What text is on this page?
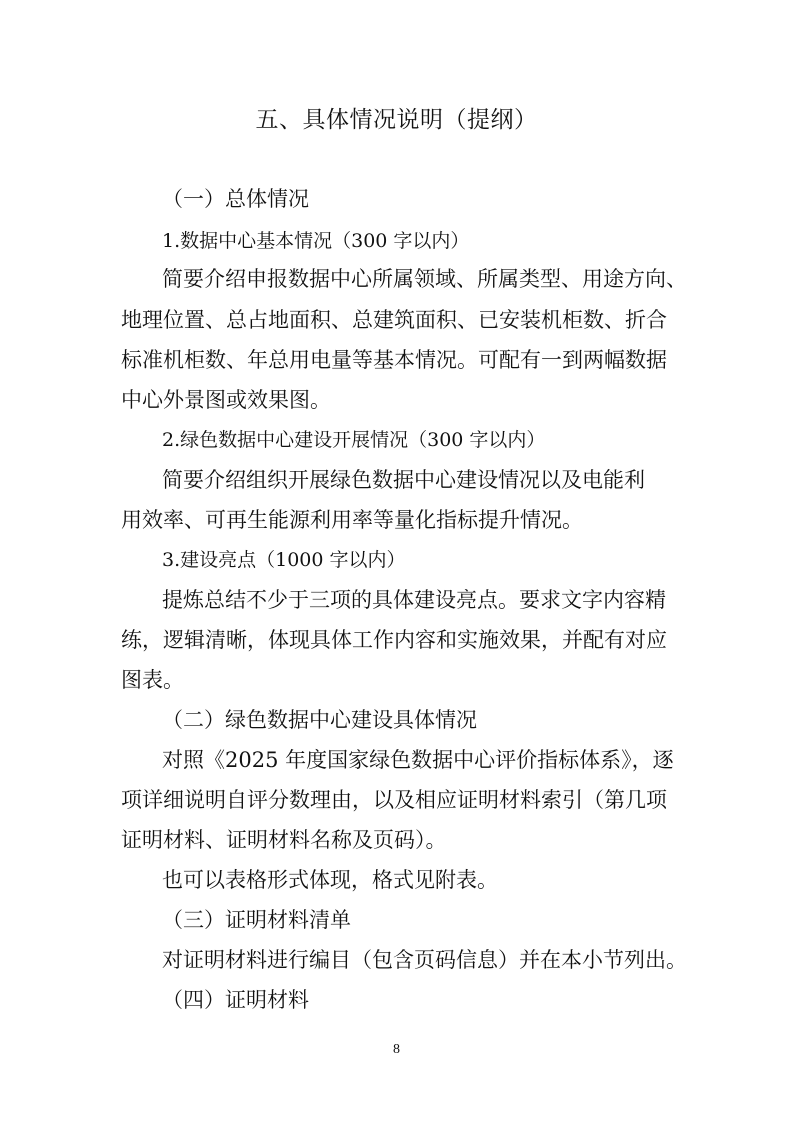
五、具体情况说明（提纲）
（一）总体情况
1.数据中心基本情况（300 字以内）
简要介绍申报数据中心所属领域、所属类型、用途方向、
地理位置、总占地面积、总建筑面积、已安装机柜数、折合
标准机柜数、年总用电量等基本情况。可配有一到两幅数据
中心外景图或效果图。
2.绿色数据中心建设开展情况（300 字以内）
简要介绍组织开展绿色数据中心建设情况以及电能利
用效率、可再生能源利用率等量化指标提升情况。
3.建设亮点（1000 字以内）
提炼总结不少于三项的具体建设亮点。要求文字内容精
练，逻辑清晰，体现具体工作内容和实施效果，并配有对应
图表。
（二）绿色数据中心建设具体情况
对照《2025 年度国家绿色数据中心评价指标体系》，逐
项详细说明自评分数理由，以及相应证明材料索引（第几项
证明材料、证明材料名称及页码）。
也可以表格形式体现，格式见附表。
（三）证明材料清单
对证明材料进行编目（包含页码信息）并在本小节列出。
（四）证明材料
8
